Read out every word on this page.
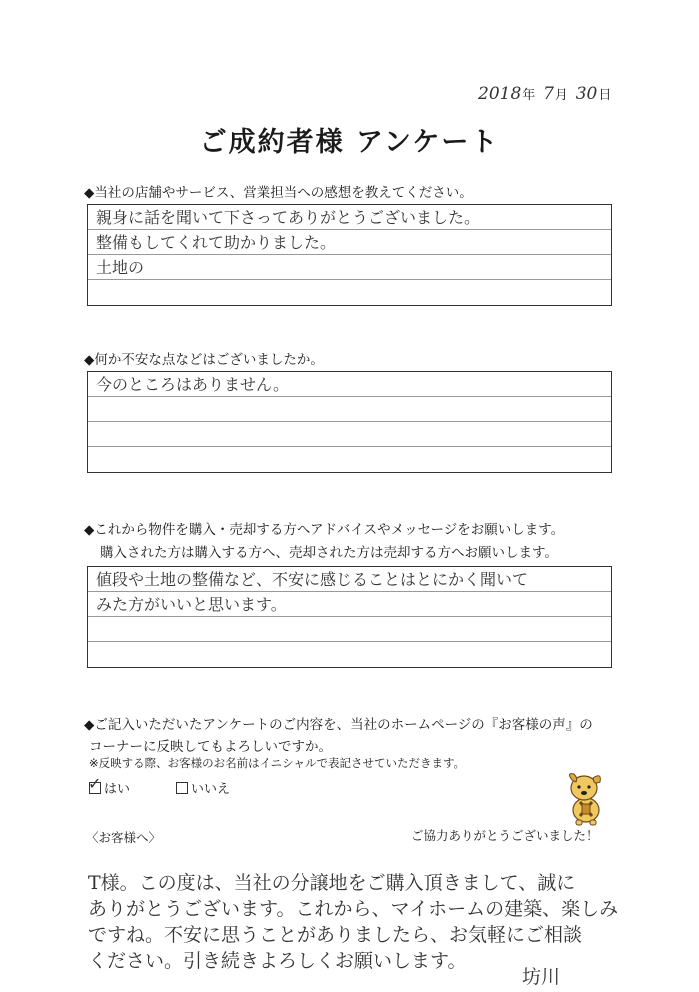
2018年 7月 30日
ご成約者様 アンケート
◆当社の店舗やサービス、営業担当への感想を教えてください。
親身に話を聞いて下さってありがとうございました。
整備もしてくれて助かりました。
土地の
◆何か不安な点などはございましたか。
今のところはありません。
◆これから物件を購入・売却する方へアドバイスやメッセージをお願いします。
購入された方は購入する方へ、売却された方は売却する方へお願いします。
値段や土地の整備など、不安に感じることはとにかく聞いて
みた方がいいと思います。
◆ご記入いただいたアンケートのご内容を、当社のホームページの『お客様の声』の
コーナーに反映してもよろしいですか。
※反映する際、お客様のお名前はイニシャルで表記させていただきます。
✓ はい	いいえ
ご協力ありがとうございました！
〈お客様へ〉
T様。この度は、当社の分譲地をご購入頂きまして、誠に
ありがとうございます。これから、マイホームの建築、楽しみ
ですね。不安に思うことがありましたら、お気軽にご相談
ください。引き続きよろしくお願いします。
坊川
